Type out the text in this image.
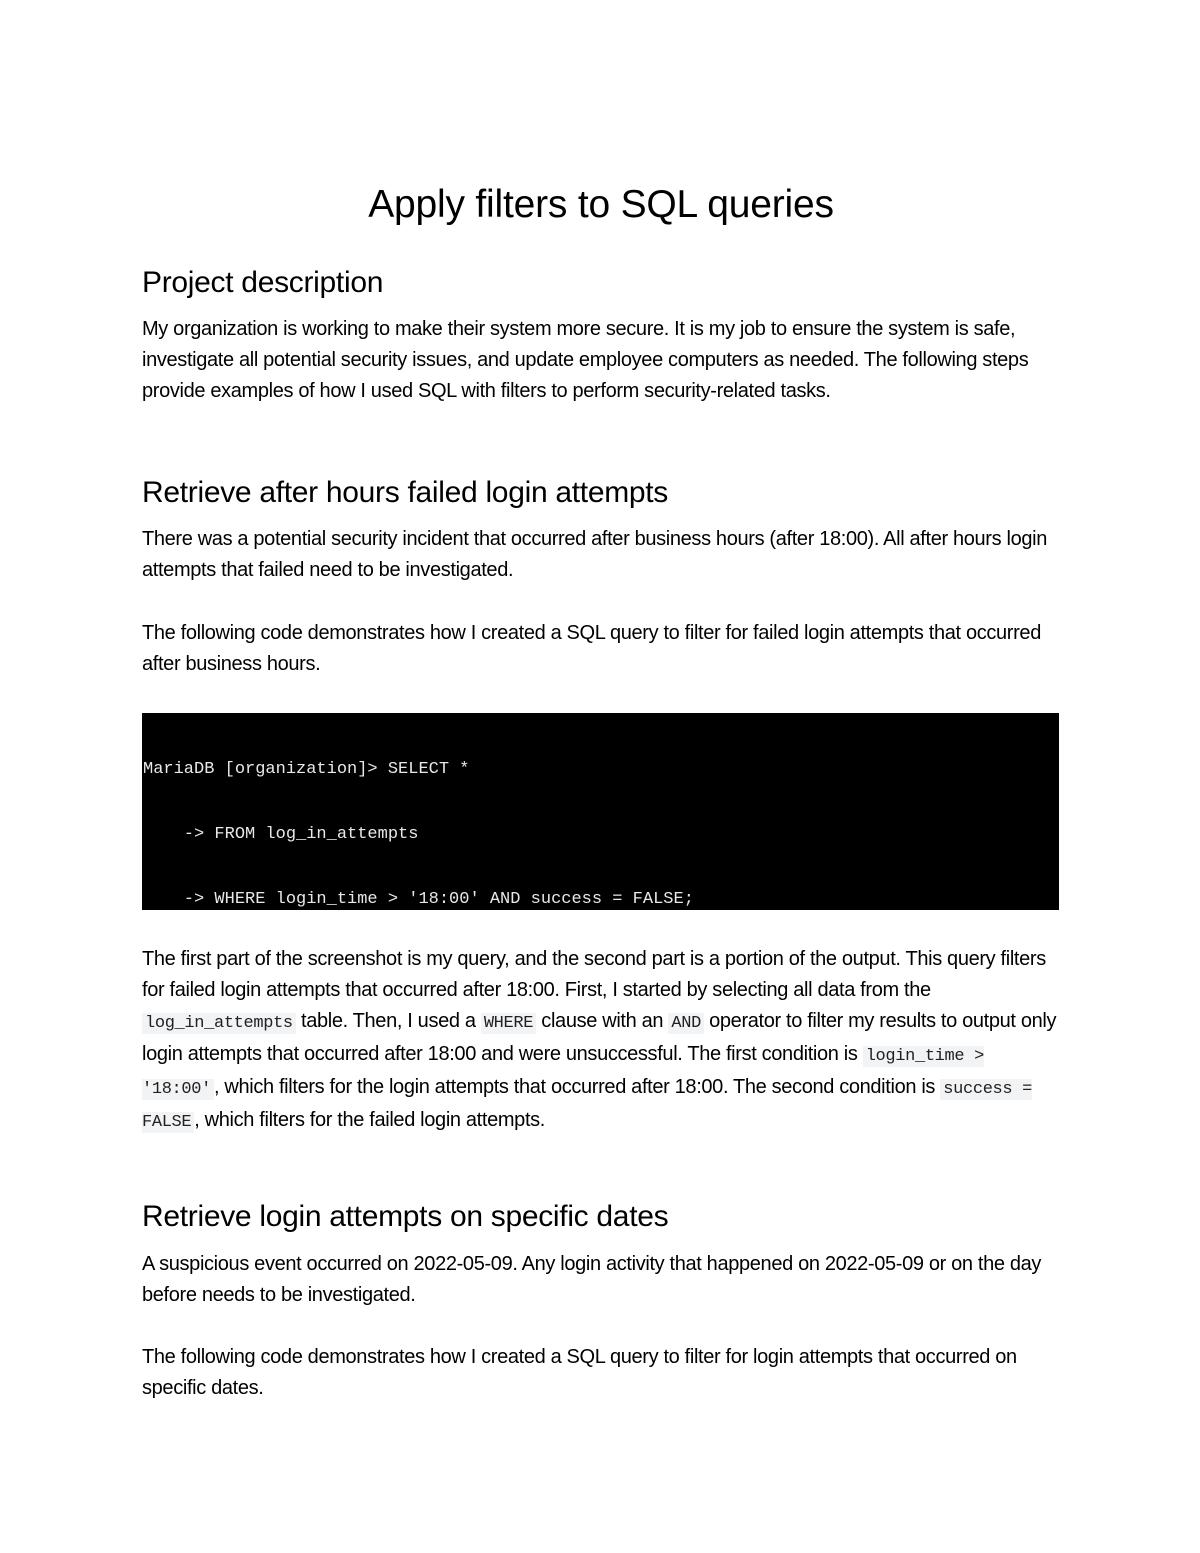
Apply filters to SQL queries
Project description

My organization is working to make their system more secure. It is my job to ensure the system is safe, investigate all potential security issues, and update employee computers as needed. The following steps provide examples of how I used SQL with filters to perform security-related tasks.

Retrieve after hours failed login attempts

There was a potential security incident that occurred after business hours (after 18:00). All after hours login attempts that failed need to be investigated.

The following code demonstrates how I created a SQL query to filter for failed login attempts that occurred after business hours.

MariaDB [organization]> SELECT *

-> FROM log_in_attempts

-> WHERE login_time > '18:00' AND success = FALSE;

The first part of the screenshot is my query, and the second part is a portion of the output. This query filters for failed login attempts that occurred after 18:00. First, I started by selecting all data from the log_in_attempts table. Then, I used a WHERE clause with an AND operator to filter my results to output only login attempts that occurred after 18:00 and were unsuccessful. The first condition is login_time > '18:00' , which filters for the login attempts that occurred after 18:00. The second condition is success = FALSE , which filters for the failed login attempts.

Retrieve login attempts on specific dates

A suspicious event occurred on 2022-05-09. Any login activity that happened on 2022-05-09 or on the day before needs to be investigated.

The following code demonstrates how I created a SQL query to filter for login attempts that occurred on specific dates.
